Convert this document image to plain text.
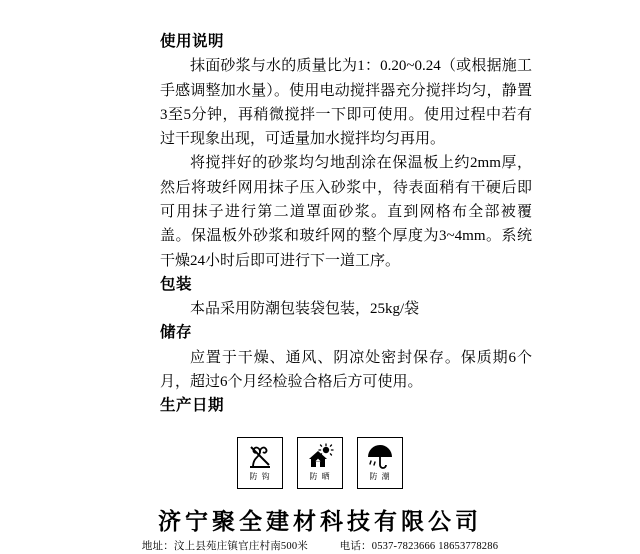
使用说明

抹面砂浆与水的质量比为1：0.20~0.24（或根据施工手感调整加水量）。使用电动搅拌器充分搅拌均匀，静置3至5分钟，再稍微搅拌一下即可使用。使用过程中若有过干现象出现，可适量加水搅拌均匀再用。

将搅拌好的砂浆均匀地刮涂在保温板上约2mm厚，然后将玻纤网用抹子压入砂浆中，待表面稍有干硬后即可用抹子进行第二道罩面砂浆。直到网格布全部被覆盖。保温板外砂浆和玻纤网的整个厚度为3~4mm。系统干燥24小时后即可进行下一道工序。

包装

本品采用防潮包装袋包装，25kg/袋

储存

应置于干燥、通风、阴凉处密封保存。保质期6个月，超过6个月经检验合格后方可使用。

生产日期
防 钩	防 晒	防 潮
济宁聚全建材科技有限公司
地址：汶上县苑庄镇官庄村南500米	电话：0537-7823666 18653778286
